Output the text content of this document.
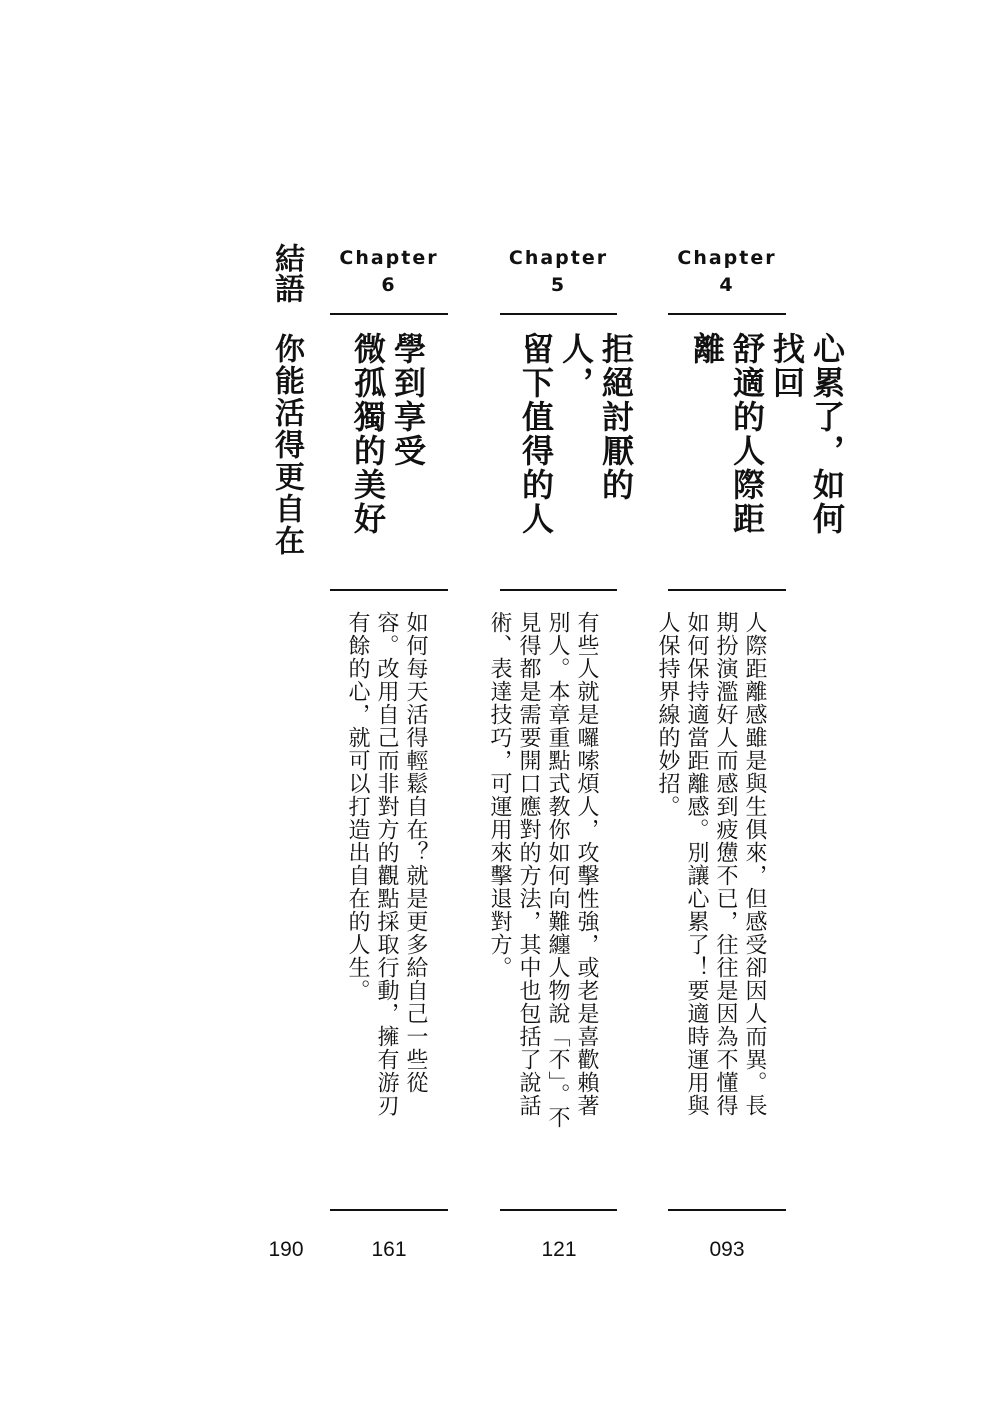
結語
你能活得更自在
190
Chapter
6
學到享受
微孤獨的美好
如何每天活得輕鬆自在？就是更多給自己一些從容。改用自己而非對方的觀點採取行動，擁有游刃有餘的心，就可以打造出自在的人生。
161
Chapter
5
拒絕討厭的人，
留下值得的人
有些人就是囉嗦煩人，攻擊性強，或老是喜歡賴著別人。本章重點式教你如何向難纏人物說「不」。不見得都是需要開口應對的方法，其中也包括了說話術、表達技巧，可運用來擊退對方。
121
Chapter
4
心累了，如何找回
舒適的人際距離
人際距離感雖是與生俱來，但感受卻因人而異。長期扮演濫好人而感到疲憊不已，往往是因為不懂得如何保持適當距離感。別讓心累了！要適時運用與人保持界線的妙招。
093
